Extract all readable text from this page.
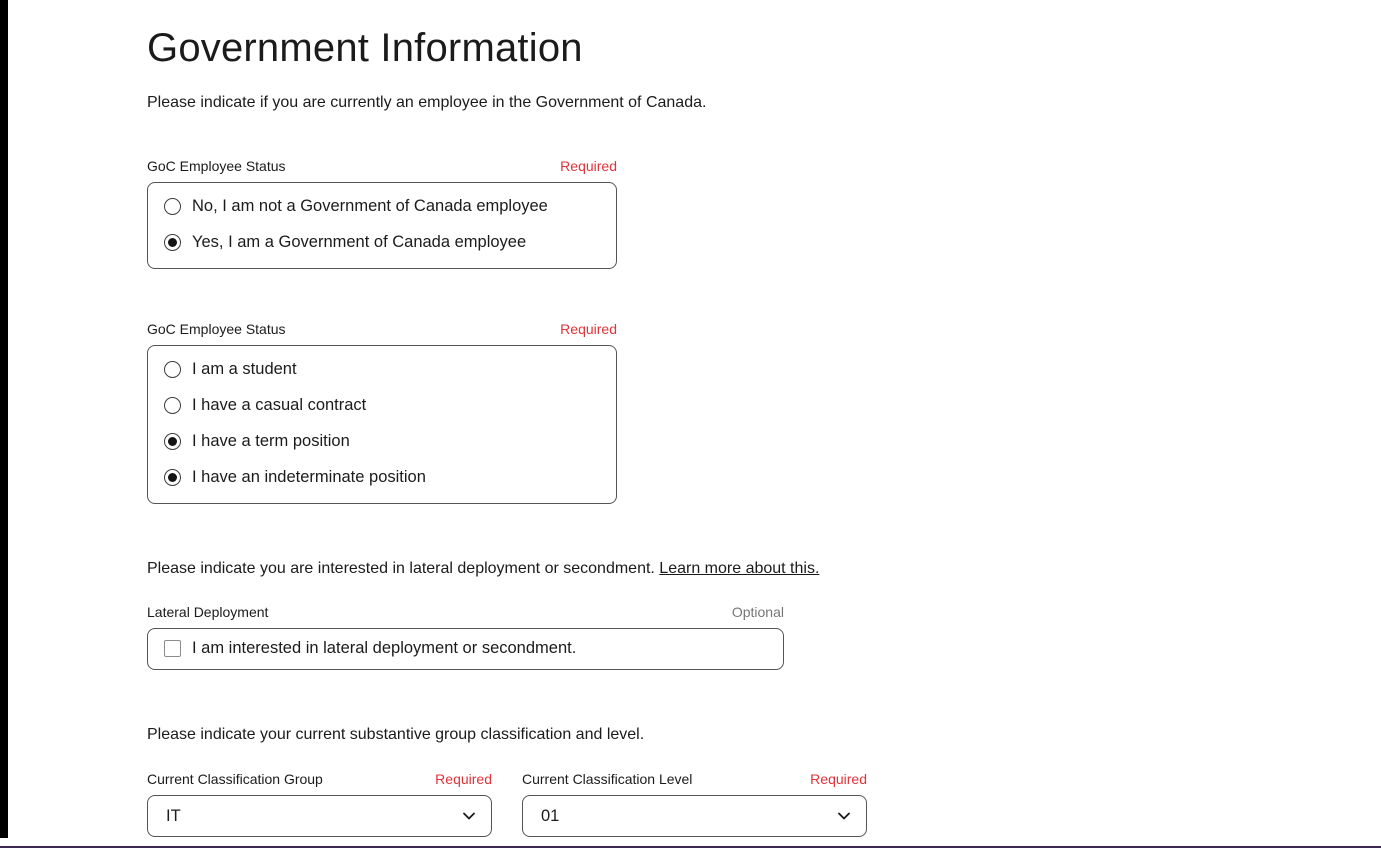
Government Information

Please indicate if you are currently an employee in the Government of Canada.

GoC Employee Status	Required
No, I am not a Government of Canada employee
Yes, I am a Government of Canada employee
GoC Employee Status	Required
I am a student
I have a casual contract
I have a term position
I have an indeterminate position

Please indicate you are interested in lateral deployment or secondment. Learn more about this.

Lateral Deployment	Optional
I am interested in lateral deployment or secondment.

Please indicate your current substantive group classification and level.

Current Classification Group	Required
IT
Current Classification Level	Required
01
